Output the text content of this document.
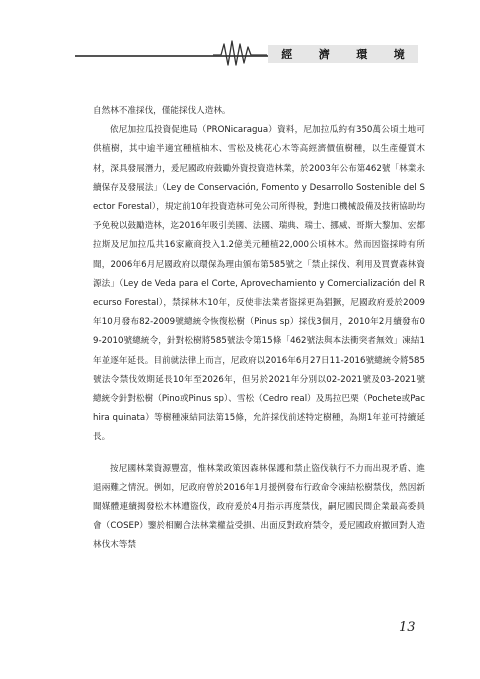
經 濟 環 境

自然林不准採伐，僅能採伐人造林。

依尼加拉瓜投資促進局（PRONicaragua）資料，尼加拉瓜約有350萬公頃土地可供植樹，其中逾半適宜種植柚木、雪松及桃花心木等高經濟價值樹種，以生產優質木材，深具發展潛力，爰尼國政府鼓勵外資投資造林業，於2003年公布第462號「林業永續保存及發展法」（Ley de Conservación, Fomento y Desarrollo Sostenible del Sector Forestal），規定前10年投資造林可免公司所得稅，對進口機械設備及技術協助均予免稅以鼓勵造林，迄2016年吸引美國、法國、瑞典、瑞士、挪威、哥斯大黎加、宏都拉斯及尼加拉瓜共16家廠商投入1.2億美元種植22,000公頃林木。然而因盜採時有所聞，2006年6月尼國政府以環保為理由頒布第585號之「禁止採伐、利用及買賣森林資源法」（Ley de Veda para el Corte, Aprovechamiento y Comercialización del Recurso Forestal），禁採林木10年，反使非法業者盜採更為猖獗，尼國政府爰於2009年10月發布82-2009號總統令恢復松樹（Pinus sp）採伐3個月，2010年2月續發布09-2010號總統令，針對松樹將585號法令第15條「462號法與本法衝突者無效」凍結1年並逐年延長。目前就法律上而言，尼政府以2016年6月27日11-2016號總統令將585號法令禁伐效期延長10年至2026年，但另於2021年分別以02-2021號及03-2021號總統令針對松樹（Pino或Pinus sp）、雪松（Cedro real）及馬拉巴栗（Pochete或Pachira quinata）等樹種凍結同法第15條，允許採伐前述特定樹種，為期1年並可持續延長。

按尼國林業資源豐富，惟林業政策因森林保護和禁止盜伐執行不力而出現矛盾、進退兩難之情況。例如，尼政府曾於2016年1月援例發布行政命令凍結松樹禁伐，然因新聞媒體連續揭發松木林遭盜伐，政府爰於4月指示再度禁伐，嗣尼國民間企業最高委員會（COSEP）鑒於相關合法林業權益受損、出面反對政府禁令，爰尼國政府撤回對人造林伐木等禁

13
